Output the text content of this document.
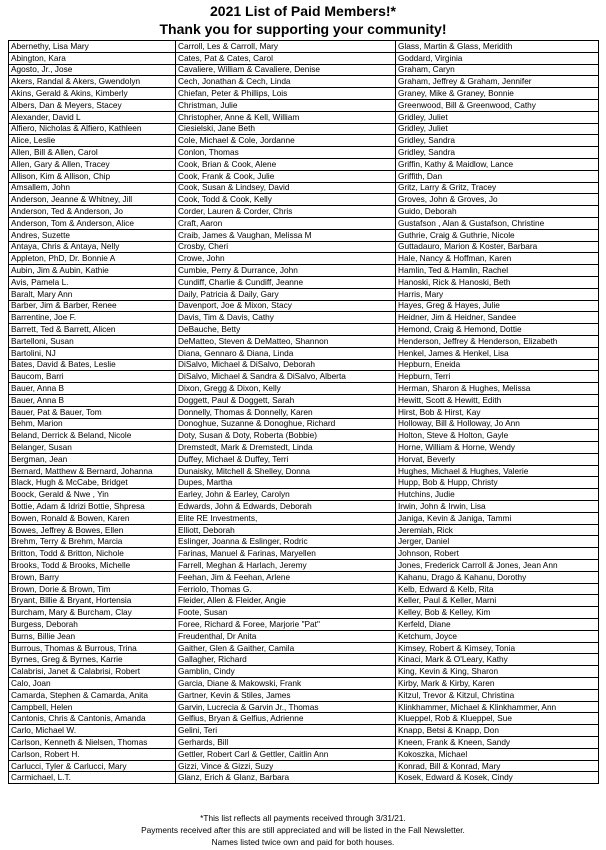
2021 List of Paid Members!*
Thank you for supporting your community!
Abernethy, Lisa Mary	Carroll, Les & Carroll, Mary	Glass, Martin & Glass, Meridith
Abington, Kara	Cates, Pat & Cates, Carol	Goddard, Virginia
Agosto, Jr., Jose	Cavaliere, William & Cavaliere, Denise	Graham, Caryn
Akers, Randal & Akers, Gwendolyn	Cech, Jonathan & Cech, Linda	Graham, Jeffrey & Graham, Jennifer
Akins, Gerald & Akins, Kimberly	Chiefan, Peter & Phillips, Lois	Graney, Mike & Graney, Bonnie
Albers, Dan & Meyers, Stacey	Christman, Julie	Greenwood, Bill & Greenwood, Cathy
Alexander, David L	Christopher, Anne & Kell, William	Gridley, Juliet
Alfiero, Nicholas & Alfiero, Kathleen	Ciesielski, Jane Beth	Gridley, Juliet
Alice, Leslie	Cole, Michael & Cole, Jordanne	Gridley, Sandra
Allen, Bill & Allen, Carol	Conlon, Thomas	Gridley, Sandra
Allen, Gary & Allen, Tracey	Cook, Brian & Cook, Alene	Griffin, Kathy & Maidlow, Lance
Allison, Kim & Allison, Chip	Cook, Frank & Cook, Julie	Griffith, Dan
Amsallem, John	Cook, Susan & Lindsey, David	Gritz, Larry & Gritz, Tracey
Anderson, Jeanne & Whitney, Jill	Cook, Todd & Cook, Kelly	Groves, John & Groves, Jo
Anderson, Ted & Anderson, Jo	Corder, Lauren & Corder, Chris	Guido, Deborah
Anderson, Tom & Anderson, Alice	Craft, Aaron	Gustafson , Alan & Gustafson, Christine
Andres, Suzette	Craib, James & Vaughan, Melissa M	Guthrie, Craig & Guthrie, Nicole
Antaya, Chris & Antaya, Nelly	Crosby, Cheri	Guttadauro, Marion & Koster, Barbara
Appleton, PhD, Dr. Bonnie A	Crowe, John	Hale, Nancy & Hoffman, Karen
Aubin, Jim & Aubin, Kathie	Cumbie, Perry & Durrance, John	Hamlin, Ted & Hamlin, Rachel
Avis, Pamela L.	Cundiff, Charlie & Cundiff, Jeanne	Hanoski, Rick & Hanoski, Beth
Baralt, Mary Ann	Daily, Patricia & Daily, Gary	Harris, Mary
Barber, Jim & Barber, Renee	Davenport, Joe & Mixon, Stacy	Hayes, Greg & Hayes, Julie
Barrentine, Joe F.	Davis, Tim & Davis, Cathy	Heidner, Jim & Heidner, Sandee
Barrett, Ted & Barrett, Alicen	DeBauche, Betty	Hemond, Craig & Hemond, Dottie
Bartelloni, Susan	DeMatteo, Steven & DeMatteo, Shannon	Henderson, Jeffrey & Henderson, Elizabeth
Bartolini, NJ	Diana, Gennaro & Diana, Linda	Henkel, James & Henkel, Lisa
Bates, David & Bates, Leslie	DiSalvo, Michael & DiSalvo, Deborah	Hepburn, Eneida
Baucom, Barri	DiSalvo, Michael & Sandra & DiSalvo, Alberta	Hepburn, Terri
Bauer, Anna B	Dixon, Gregg & Dixon, Kelly	Herman, Sharon & Hughes, Melissa
Bauer, Anna B	Doggett, Paul & Doggett, Sarah	Hewitt, Scott & Hewitt, Edith
Bauer, Pat & Bauer, Tom	Donnelly, Thomas & Donnelly, Karen	Hirst, Bob & Hirst, Kay
Behm, Marion	Donoghue, Suzanne & Donoghue, Richard	Holloway, Bill & Holloway, Jo Ann
Beland, Derrick & Beland, Nicole	Doty, Susan & Doty, Roberta (Bobbie)	Holton, Steve & Holton, Gayle
Belanger, Susan	Dremstedt, Mark & Dremstedt, Linda	Horne, William & Horne, Wendy
Bergman, Jean	Duffey, Michael & Duffey, Terri	Horvat, Beverly
Bernard, Matthew & Bernard, Johanna	Dunaisky, Mitchell & Shelley, Donna	Hughes, Michael & Hughes, Valerie
Black, Hugh & McCabe, Bridget	Dupes, Martha	Hupp, Bob & Hupp, Christy
Boock, Gerald & Nwe , Yin	Earley, John & Earley, Carolyn	Hutchins, Judie
Bottie, Adam & Idrizi Bottie, Shpresa	Edwards, John & Edwards, Deborah	Irwin, John & Irwin, Lisa
Bowen, Ronald & Bowen, Karen	Elite RE Investments,	Janiga, Kevin & Janiga, Tammi
Bowes, Jeffrey & Bowes, Ellen	Elliott, Deborah	Jeremiah, Rick
Brehm, Terry & Brehm, Marcia	Eslinger, Joanna & Eslinger, Rodric	Jerger, Daniel
Britton, Todd & Britton, Nichole	Farinas, Manuel & Farinas, Maryellen	Johnson, Robert
Brooks, Todd & Brooks, Michelle	Farrell, Meghan & Harlach, Jeremy	Jones, Frederick Carroll & Jones, Jean Ann
Brown, Barry	Feehan, Jim & Feehan, Arlene	Kahanu, Drago & Kahanu, Dorothy
Brown, Dorie & Brown, Tim	Ferriolo, Thomas G.	Kelb, Edward & Kelb, Rita
Bryant, Billie & Bryant, Hortensia	Fleider, Allen & Fleider, Angie	Keller, Paul & Keller, Marni
Burcham, Mary & Burcham, Clay	Foote, Susan	Kelley, Bob & Kelley, Kim
Burgess, Deborah	Foree, Richard & Foree, Marjorie "Pat"	Kerfeld, Diane
Burns, Billie Jean	Freudenthal, Dr Anita	Ketchum, Joyce
Burrous, Thomas & Burrous, Trina	Gaither, Glen & Gaither, Camila	Kimsey, Robert & Kimsey, Tonia
Byrnes, Greg & Byrnes, Karrie	Gallagher, Richard	Kinaci, Mark & O'Leary, Kathy
Calabrisi, Janet & Calabrisi, Robert	Gamblin, Cindy	King, Kevin & King, Sharon
Calo, Joan	Garcia, Diane & Makowski, Frank	Kirby, Mark & Kirby, Karen
Camarda, Stephen & Camarda, Anita	Gartner, Kevin & Stiles, James	Kitzul, Trevor & Kitzul, Christina
Campbell, Helen	Garvin, Lucrecia & Garvin Jr., Thomas	Klinkhammer, Michael & Klinkhammer, Ann
Cantonis, Chris & Cantonis, Amanda	Gelfius, Bryan & Gelfius, Adrienne	Klueppel, Rob & Klueppel, Sue
Carlo, Michael W.	Gelini, Teri	Knapp, Betsi & Knapp, Don
Carlson, Kenneth & Nielsen, Thomas	Gerhards, Bill	Kneen, Frank & Kneen, Sandy
Carlson, Robert H.	Gettler, Robert Carl & Gettler, Caitlin Ann	Kokoszka, Michael
Carlucci, Tyler & Carlucci, Mary	Gizzi, Vince & Gizzi, Suzy	Konrad, Bill & Konrad, Mary
Carmichael, L.T.	Glanz, Erich & Glanz, Barbara	Kosek, Edward & Kosek, Cindy
*This list reflects all payments received through 3/31/21.
Payments received after this are still appreciated and will be listed in the Fall Newsletter.
Names listed twice own and paid for both houses.
